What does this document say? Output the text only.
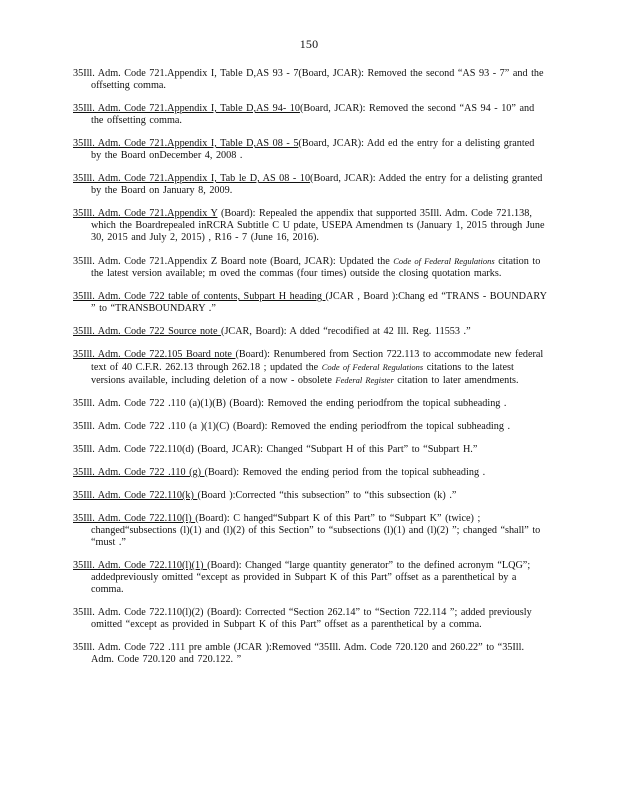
150

35Ill. Adm. Code 721.Appendix I, Table D,AS 93 - 7(Board, JCAR): Removed the second “AS 93 - 7” and the offsetting comma.

35Ill. Adm. Code 721.Appendix I, Table D,AS 94- 10(Board, JCAR): Removed the second “AS 94 - 10” and the offsetting comma.

35Ill. Adm. Code 721.Appendix I, Table D,AS 08 - 5(Board, JCAR): Add ed the entry for a delisting granted by the Board onDecember 4, 2008 .

35Ill. Adm. Code 721.Appendix I, Tab le D, AS 08 - 10(Board, JCAR): Added the entry for a delisting granted by the Board on January 8, 2009.

35Ill. Adm. Code 721.Appendix Y (Board): Repealed the appendix that supported 35Ill. Adm. Code 721.138, which the Boardrepealed inRCRA Subtitle C U pdate, USEPA Amendmen ts (January 1, 2015 through June 30, 2015 and July 2, 2015) , R16 - 7 (June 16, 2016).

35Ill. Adm. Code 721.Appendix Z Board note (Board, JCAR): Updated the Code of Federal Regulations citation to the latest version available; m oved the commas (four times) outside the closing quotation marks.

35Ill. Adm. Code 722 table of contents, Subpart H heading (JCAR , Board ):Chang ed “TRANS - BOUNDARY ” to “TRANSBOUNDARY .”

35Ill. Adm. Code 722 Source note (JCAR, Board): A dded “recodified at 42 Ill. Reg. 11553 .”

35Ill. Adm. Code 722.105 Board note (Board): Renumbered from Section 722.113 to accommodate new federal text of 40 C.F.R. 262.13 through 262.18 ; updated the Code of Federal Regulations citations to the latest versions available, including deletion of a now - obsolete Federal Register citation to later amendments.

35Ill. Adm. Code 722 .110 (a)(1)(B) (Board): Removed the ending periodfrom the topical subheading .

35Ill. Adm. Code 722 .110 (a )(1)(C) (Board): Removed the ending periodfrom the topical subheading .

35Ill. Adm. Code 722.110(d) (Board, JCAR): Changed “Subpart H of this Part” to “Subpart H.”

35Ill. Adm. Code 722 .110 (g) (Board): Removed the ending period from the topical subheading .

35Ill. Adm. Code 722.110(k) (Board ):Corrected “this subsection” to “this subsection (k) .”

35Ill. Adm. Code 722.110(l) (Board): C hanged“Subpart K of this Part” to “Subpart K” (twice) ; changed“subsections (l)(1) and (l)(2) of this Section” to “subsections (l)(1) and (l)(2) ”; changed “shall” to “must .”

35Ill. Adm. Code 722.110(l)(1) (Board): Changed “large quantity generator” to the defined acronym “LQG”; addedpreviously omitted “except as provided in Subpart K of this Part” offset as a parenthetical by a comma.

35Ill. Adm. Code 722.110(l)(2) (Board): Corrected “Section 262.14” to “Section 722.114 ”; added previously omitted “except as provided in Subpart K of this Part” offset as a parenthetical by a comma.

35Ill. Adm. Code 722 .111 pre amble (JCAR ):Removed “35Ill. Adm. Code 720.120 and 260.22” to “35Ill. Adm. Code 720.120 and 720.122. ”
